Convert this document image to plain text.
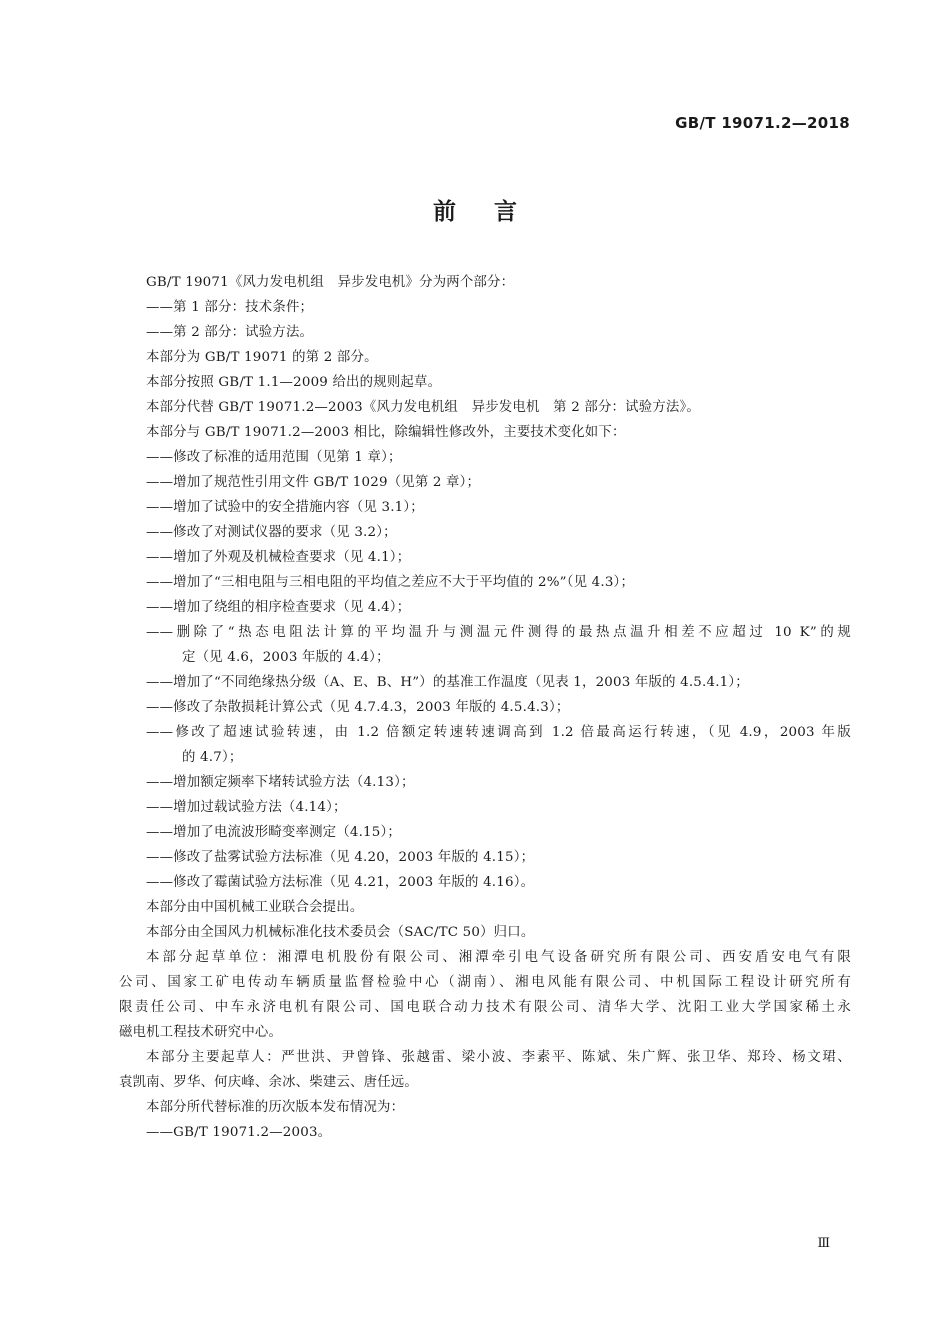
GB/T 19071.2—2018
前言
GB/T 19071《风力发电机组　异步发电机》分为两个部分：
——第 1 部分：技术条件；
——第 2 部分：试验方法。
本部分为 GB/T 19071 的第 2 部分。
本部分按照 GB/T 1.1—2009 给出的规则起草。
本部分代替 GB/T 19071.2—2003《风力发电机组　异步发电机　第 2 部分：试验方法》。
本部分与 GB/T 19071.2—2003 相比，除编辑性修改外，主要技术变化如下：
——修改了标准的适用范围（见第 1 章）；
——增加了规范性引用文件 GB/T 1029（见第 2 章）；
——增加了试验中的安全措施内容（见 3.1）；
——修改了对测试仪器的要求（见 3.2）；
——增加了外观及机械检查要求（见 4.1）；
——增加了“三相电阻与三相电阻的平均值之差应不大于平均值的 2%”（见 4.3）；
——增加了绕组的相序检查要求（见 4.4）；
——删除了“热态电阻法计算的平均温升与测温元件测得的最热点温升相差不应超过 10 K”的规
定（见 4.6，2003 年版的 4.4）；
——增加了“不同绝缘热分级（A、E、B、H”）的基准工作温度（见表 1，2003 年版的 4.5.4.1）；
——修改了杂散损耗计算公式（见 4.7.4.3，2003 年版的 4.5.4.3）；
——修改了超速试验转速，由 1.2 倍额定转速转速调高到 1.2 倍最高运行转速，（见 4.9，2003 年版
的 4.7）；
——增加额定频率下堵转试验方法（4.13）；
——增加过载试验方法（4.14）；
——增加了电流波形畸变率测定（4.15）；
——修改了盐雾试验方法标准（见 4.20，2003 年版的 4.15）；
——修改了霉菌试验方法标准（见 4.21，2003 年版的 4.16）。
本部分由中国机械工业联合会提出。
本部分由全国风力机械标准化技术委员会（SAC/TC 50）归口。
本部分起草单位：湘潭电机股份有限公司、湘潭牵引电气设备研究所有限公司、西安盾安电气有限
公司、国家工矿电传动车辆质量监督检验中心（湖南）、湘电风能有限公司、中机国际工程设计研究所有
限责任公司、中车永济电机有限公司、国电联合动力技术有限公司、清华大学、沈阳工业大学国家稀土永
磁电机工程技术研究中心。
本部分主要起草人：严世洪、尹曾锋、张越雷、梁小波、李素平、陈斌、朱广辉、张卫华、郑玲、杨文珺、
袁凯南、罗华、何庆峰、余冰、柴建云、唐任远。
本部分所代替标准的历次版本发布情况为：
——GB/T 19071.2—2003。
Ⅲ
